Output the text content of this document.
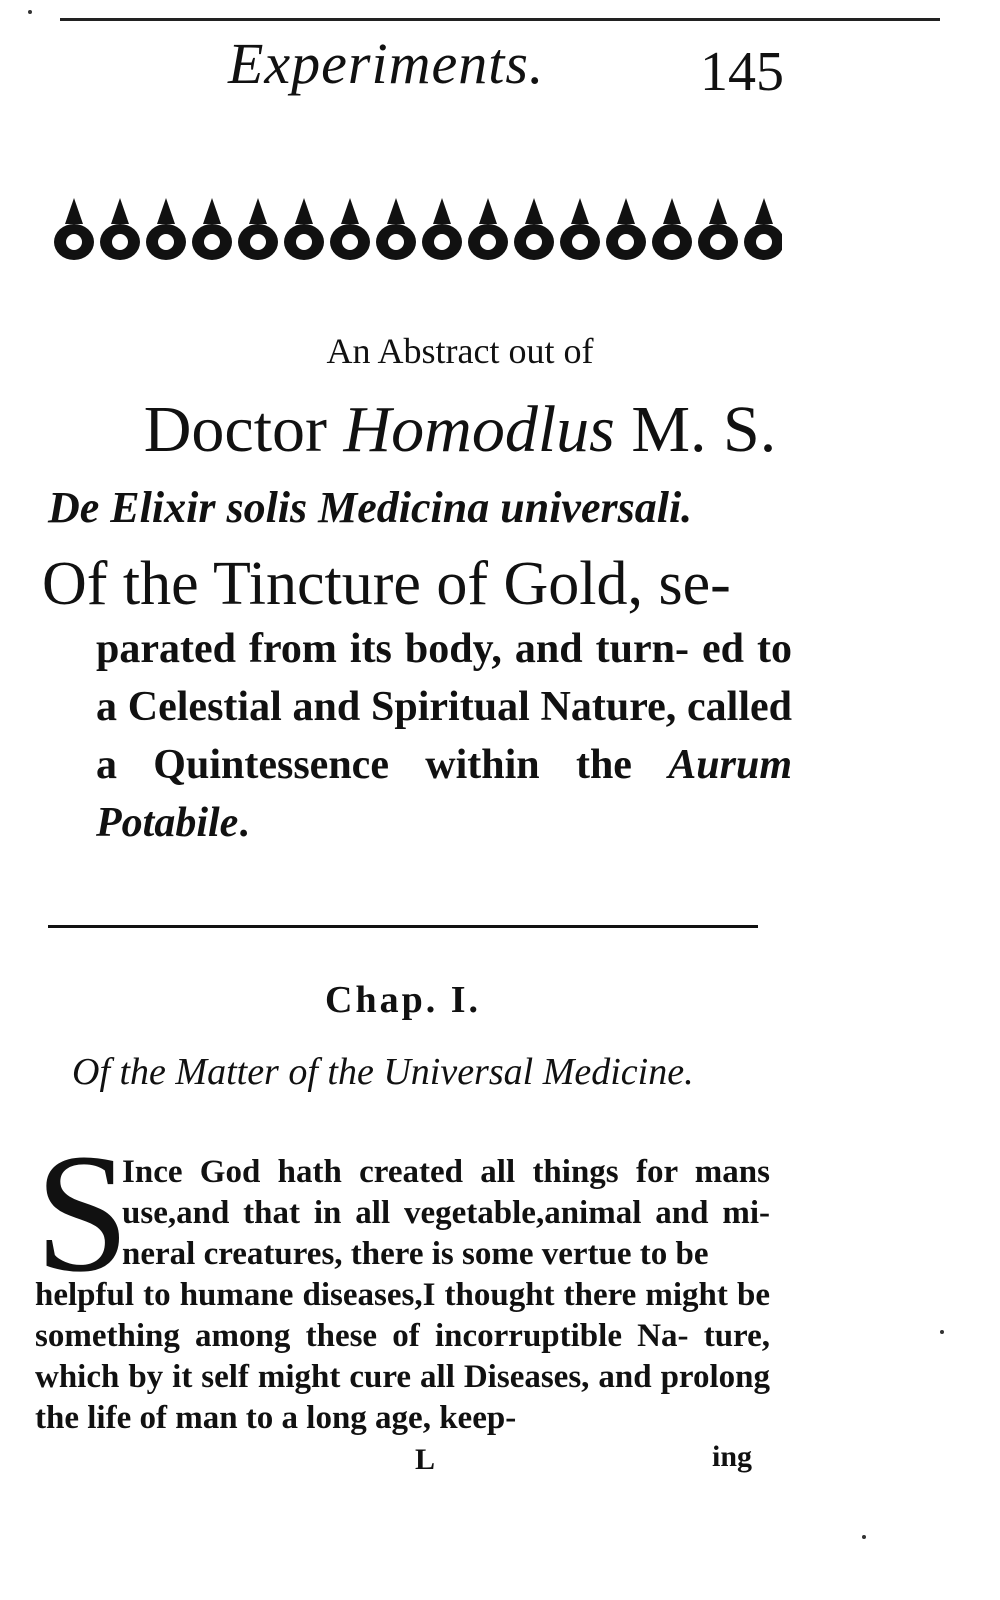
Experiments.	145
An Abstract out of
Doctor Homodlus M. S.
De Elixir solis Medicina universali.
Of the Tincture of Gold, se-
parated from its body, and turn- ed to a Celestial and Spiritual Nature, called a Quintessence within the Aurum Potabile.
Chap. I.
Of the Matter of the Universal Medicine.
S
Ince God hath created all things for mans use,and that in all vegetable,animal and mi- neral creatures, there is some vertue to be
helpful to humane diseases,I thought there might be something among these of incorruptible Na- ture, which by it self might cure all Diseases, and prolong the life of man to a long age, keep-
L	ing
